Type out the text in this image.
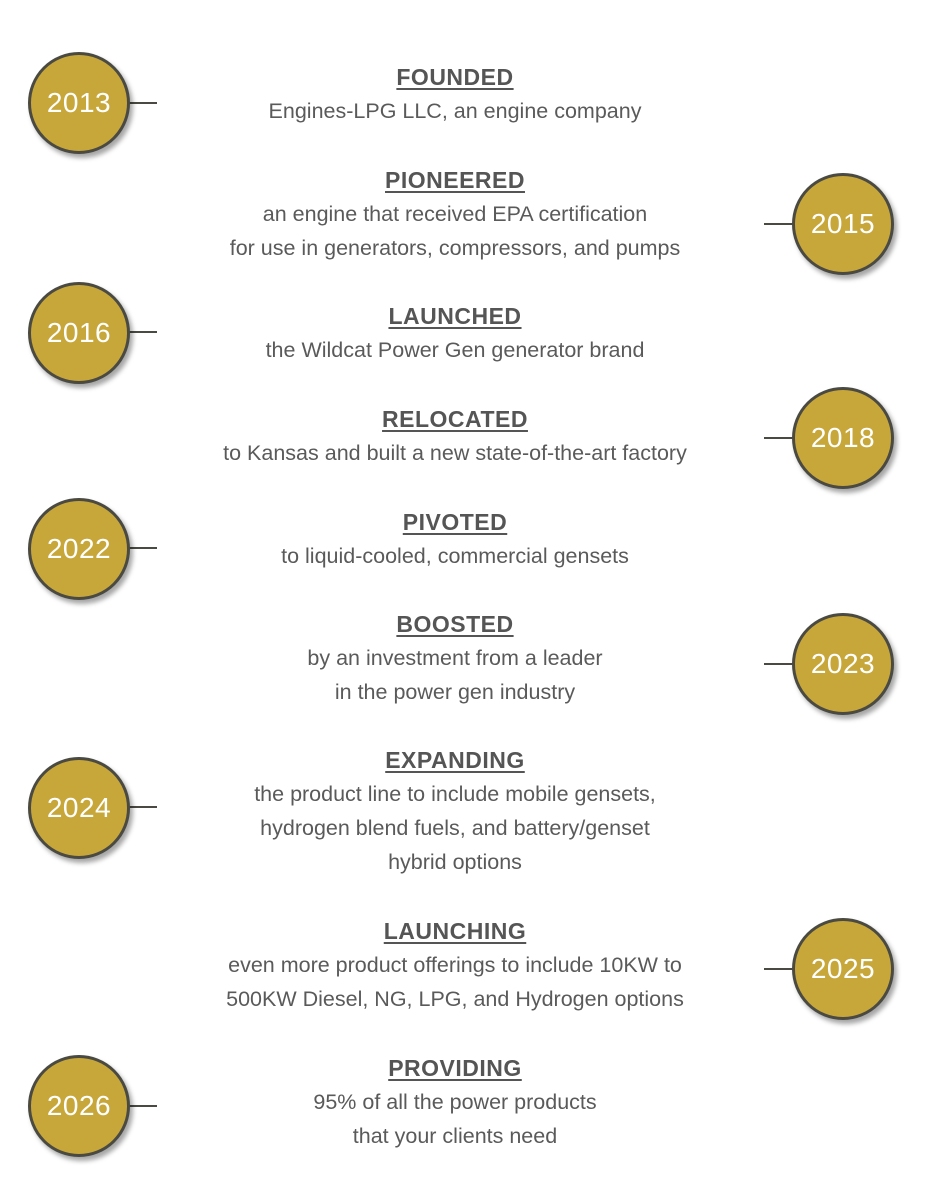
FOUNDED
Engines-LPG LLC, an engine company
2013
PIONEERED
an engine that received EPA certification
for use in generators, compressors, and pumps
2015
LAUNCHED
the Wildcat Power Gen generator brand
2016
RELOCATED
to Kansas and built a new state-of-the-art factory	2018
PIVOTED
to liquid-cooled, commercial gensets
2022
BOOSTED
by an investment from a leader
in the power gen industry
2023
EXPANDING
the product line to include mobile gensets,
hydrogen blend fuels, and battery/genset
hybrid options
2024
LAUNCHING
even more product offerings to include 10KW to
500KW Diesel, NG, LPG, and Hydrogen options
2025
PROVIDING
95% of all the power products
that your clients need
2026
